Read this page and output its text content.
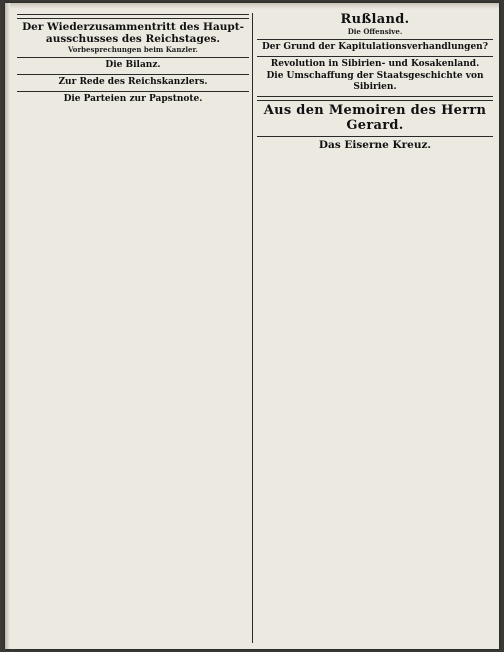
Der Wiederzusammentritt des Haupt-ausschusses des Reichstages.
Vorbesprechungen beim Kanzler.

Die Bilanz.

Zur Rede des Reichskanzlers.

Die Parteien zur Papstnote.

Rußland.
Die Offensive.

Der Grund der Kapitulationsverhandlungen?

Revolution in Sibirien- und Kosakenland.

Die Umschaffung der Staatsgeschichte von Sibirien.

Aus den Memoiren des Herrn Gerard.

Das Eiserne Kreuz.
